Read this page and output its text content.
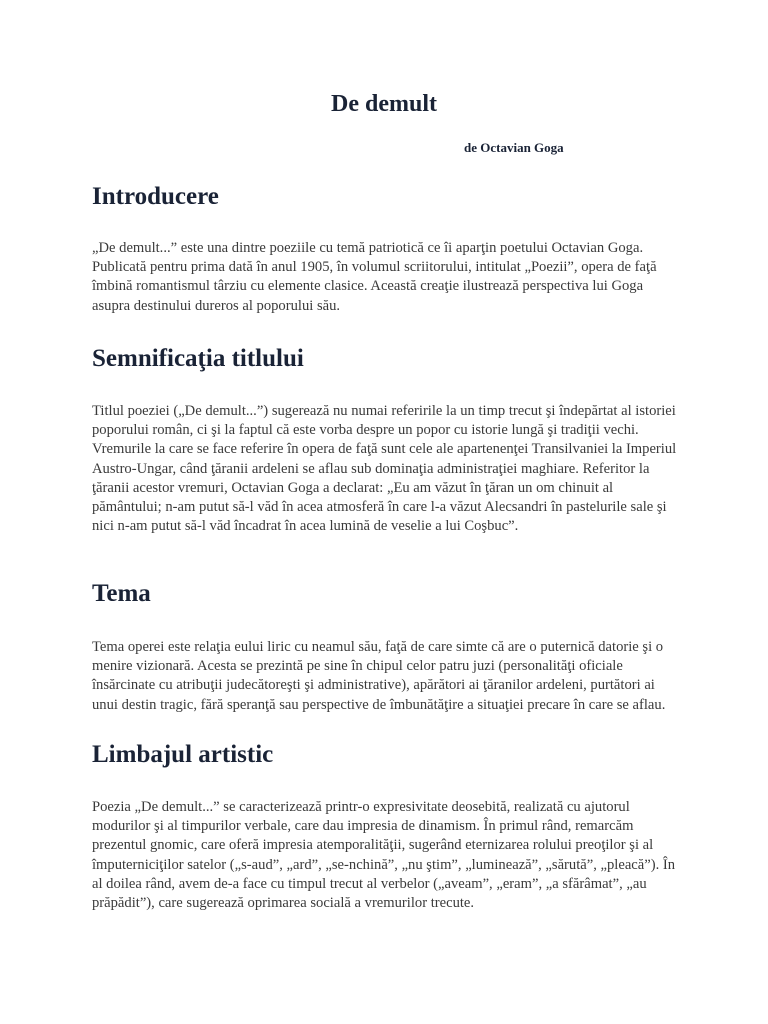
De demult

de Octavian Goga

Introducere

„De demult...” este una dintre poeziile cu temă patriotică ce îi aparţin poetului Octavian Goga. Publicată pentru prima dată în anul 1905, în volumul scriitorului, intitulat „Poezii”, opera de faţă îmbină romantismul târziu cu elemente clasice. Această creaţie ilustrează perspectiva lui Goga asupra destinului dureros al poporului său.

Semnificaţia titlului

Titlul poeziei („De demult...”) sugerează nu numai referirile la un timp trecut şi îndepărtat al istoriei poporului român, ci şi la faptul că este vorba despre un popor cu istorie lungă şi tradiţii vechi. Vremurile la care se face referire în opera de faţă sunt cele ale apartenenţei Transilvaniei la Imperiul Austro-Ungar, când ţăranii ardeleni se aflau sub dominaţia administraţiei maghiare. Referitor la ţăranii acestor vremuri, Octavian Goga a declarat: „Eu am văzut în ţăran un om chinuit al pământului; n-am putut să-l văd în acea atmosferă în care l-a văzut Alecsandri în pastelurile sale şi nici n-am putut să-l văd încadrat în acea lumină de veselie a lui Coşbuc”.

Tema

Tema operei este relaţia eului liric cu neamul său, faţă de care simte că are o puternică datorie şi o menire vizionară. Acesta se prezintă pe sine în chipul celor patru juzi (personalităţi oficiale însărcinate cu atribuţii judecătoreşti şi administrative), apărători ai ţăranilor ardeleni, purtători ai unui destin tragic, fără speranţă sau perspective de îmbunătăţire a situaţiei precare în care se aflau.

Limbajul artistic

Poezia „De demult...” se caracterizează printr-o expresivitate deosebită, realizată cu ajutorul modurilor şi al timpurilor verbale, care dau impresia de dinamism. În primul rând, remarcăm prezentul gnomic, care oferă impresia atemporalităţii, sugerând eternizarea rolului preoţilor şi al împuterniciţilor satelor („s-aud”, „ard”, „se-nchină”, „nu ştim”, „luminează”, „sărută”, „pleacă”). În al doilea rând, avem de-a face cu timpul trecut al verbelor („aveam”, „eram”, „a sfărâmat”, „au prăpădit”), care sugerează oprimarea socială a vremurilor trecute.
